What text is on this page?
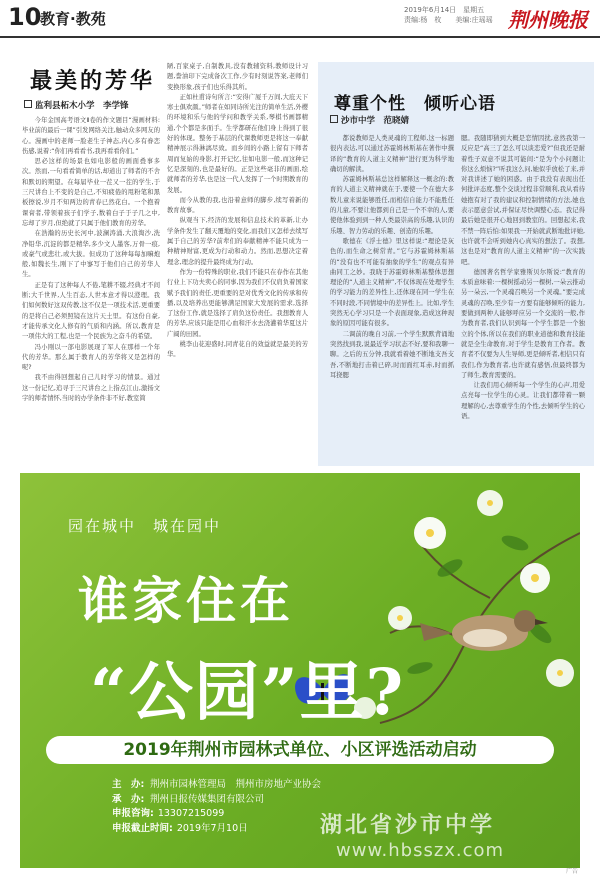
10
教育·教苑	2019年6月14日　星期五
责编:杨　枚　　美编:庄瑶瑶 荆州晚报
最美的芳华
监利县柘木小学　李学锋

今年金国高考语文Ⅱ卷的作文题目“漫画材料:毕业前的最后一课”引发网络关注,触动众多网友的心。漫画中的老师一脸老生子神态,内心多有眷恋伤感,说着:“你们再看看书,我再看看你们。”

思必这样的场景也如电影般的画面叠事多次。然而,一句看看简单的话,却道出了师者的不舍和默切的期望。在每届毕业一茬又一茬的学生,于三尺讲台上不变的是自己,不知疲倦的甩粉笔和黑板擦说,岁月不知两边的青春已然花白。一个抱着课膏者,带领着孩子们学子,数着白子于子几之中,忘却了岁月,但绝就了只属于他们教育的芳华。

在浩瀚的历史长河中,波澜涛涌,大浪淘沙,洗净铅华,沉淀的都是精华,多少文人墨客,万骨一痕,或豪气或悲壮,或大拔。但成功了这种每每加嘛炮般,如魏长生,刚下了中寥写于他们自己的芳华人生。

正是有了这种每人不倦,笔耕不辍,经典才不间断;大千世界,人生百态,人世本意才得以澄理。我们如何数好这双传教,这不仅是一项技术活,更重要的是将自己必须照镜在这片天土里。有这份自豪,才能传承文化人修有的气质和内涵。所以,教育是一项伟大的工程,也是一个民族为之奋斗的希望。

冯小刚以一部电影展现了军人在那样一个年代的芳华。那么属于教育人的芳华将又是怎样的呢?

我不由得回想起自己儿时学习的情景。通过这一份记忆,追寻于三尺讲台之上指点江山,激扬文字的师者情怀,当时的办学条件非不好,教室简

陋,百家桌子,自制教具,没有教辅资料,教师设计习题,誊油印下完成备次工作,少有时刻说答案,老师们变换形象,孩子们也乐得其所。

正如杜甫诗句所言:“安得广厦千万间,大庇天下寒士俱欢颜。”师者在如同诗所光注的简单生活,外樱的环境和乐与他的学问和教学关系,琴棋书画都精通,个个都是多面手。生学都研在他们身上得到了很好的体现。整务于基层的代课教师更是将这一奉献精神展示得淋漓尽致。而乡间的小路上留有下师者周而复始的身影,打开记忆,往如电影一般,而这种记忆是深刻的,也是最好的。正是这些毫非的画面,绘就师者的芳华,也是这一代人发挥了一个时期教育的发展。

而今从教的我,也沿着意师的脚步,续写着新的教育故事。

纵观当下,经济的发展和信息技术的革新,让办学条件发生了翻天覆地的变化,而我们又怎样去续写属于自己的芳华?前辈们的奉献精神不能只成为一种精神财富,更成为行动和动力。然而,思想决定着理念,理念的提升最终成为行动。

作为一份特殊的职业,我们不能只在春作在其他行业上下功夫卖心的同事,因为我们不仅肩负着国家赋予我们的责任,更重要的是对优秀文化的传承和传播,以及培养出更能够满足国家大发展的需求,选择了这份工作,就是选择了肩负这份责任。我想教育人的芳华,应该只能是用心血和汗水去浇灌着华夏这片广阔的田园。

桃李山花迎盛时,同青花自的效益就是最美的芳华。

尊重个性　倾听心语
沙市中学　范晓婧

都说教师是人类灵魂的工程师,这一标题很内表达,可以通过苏霍姆林斯基在著作中撰译的“教育的人道主义精神”进行更为科学地确切的解读。

苏霍姆林斯基总这样解释这一概念的:教育的人道主义精神就在于,要使一个在德大多数儿童来说能够胜任,而相信自能力不能胜任的儿童,不要让他都到自己是一个不幸的人,要使他体验到到一种人类最崇高的乐趣,认识的乐趣、智力劳动的乐趣、创造的乐趣。

歌德在《浮士德》里这样说:“理论是灰色的,而生命之树常青。”它与苏霍姆林斯基的“没有也不可能有抽象的学生”的观点有异曲同工之妙。我晓于苏霍姆林斯基整体思想理论的“人道主义精神”,不仅体现在处理学生的学习能力的差异性上,还体现在同一学生在不同时段,不同情境中的差异性上。比如,学生突然无心学习只是一个表面现象,造成这种现象的原因可能有很多。

二调前的晚自习前,一个学生默默背诵地突然找到我,说最近学习状态不好,要和我聊一聊。之后的五分钟,我就看着她不断地支吾支吾,不断地打击着已碎,时而面红耳赤,时而抓耳挠腮

腮。我随即猜到大概是恋情因扰,意然我第一反应是“高三了怎么可以谈恋爱?”但我还是耐着性子双意不说其可能间:“是为个小问题让你这么烦恼?”听我这么问,她似乎放松了来,并对我讲述了她的困惑。由于我没有表现出任何批评态度,整个交谈过程非常顺利,我从看待她抱有对了我的建议和控制情绪的方法,她也表示愿意尝试,并保证尽快调整心态。我记得最后她是很开心地回到教室的。回想起来,我不禁一阵后怕:如果我一开始就武断地批评她,也许就不会听到她内心真实的想法了。我想,这也是对“教育的人道主义精神”的一次实践吧。

德国著名哲学家雅斯贝尔斯说:“教育的本质意味着:一棵树摇动另一棵树,一朵云推动另一朵云,一个灵魂召唤另一个灵魂。”要完成灵魂的召唤,至少有一方要有能够倾听的能力,要做到两种人能够呼应另一个交流的一般,作为教育者,我们认识到每一个学生都是一个独立的个体,所以在我们的职业道德和教育技能就是全生命教育,对于学生是教育工作者。教育者不仅要为人生导师,更是倾听者,相信只有我们,作为教育者,也许就有感悟,但最终都为了师生,教育需要的。

让我们用心倾听每一个学生的心声,用爱点亮每一位学生的心灵。让我们都带着一颗理解的心,去尊重学生的个性,去倾听学生的心语。

园在城中　城在园中
谁家住在
“公园”里?
2019年荆州市园林式单位、小区评选活动启动
主　办: 荆州市园林管理局　荆州市房地产业协会
承　办: 荆州日报传媒集团有限公司
申报咨询: 13307215099
申报截止时间: 2019年7月10日
广告
湖北省沙市中学
www.hbsszx.com
